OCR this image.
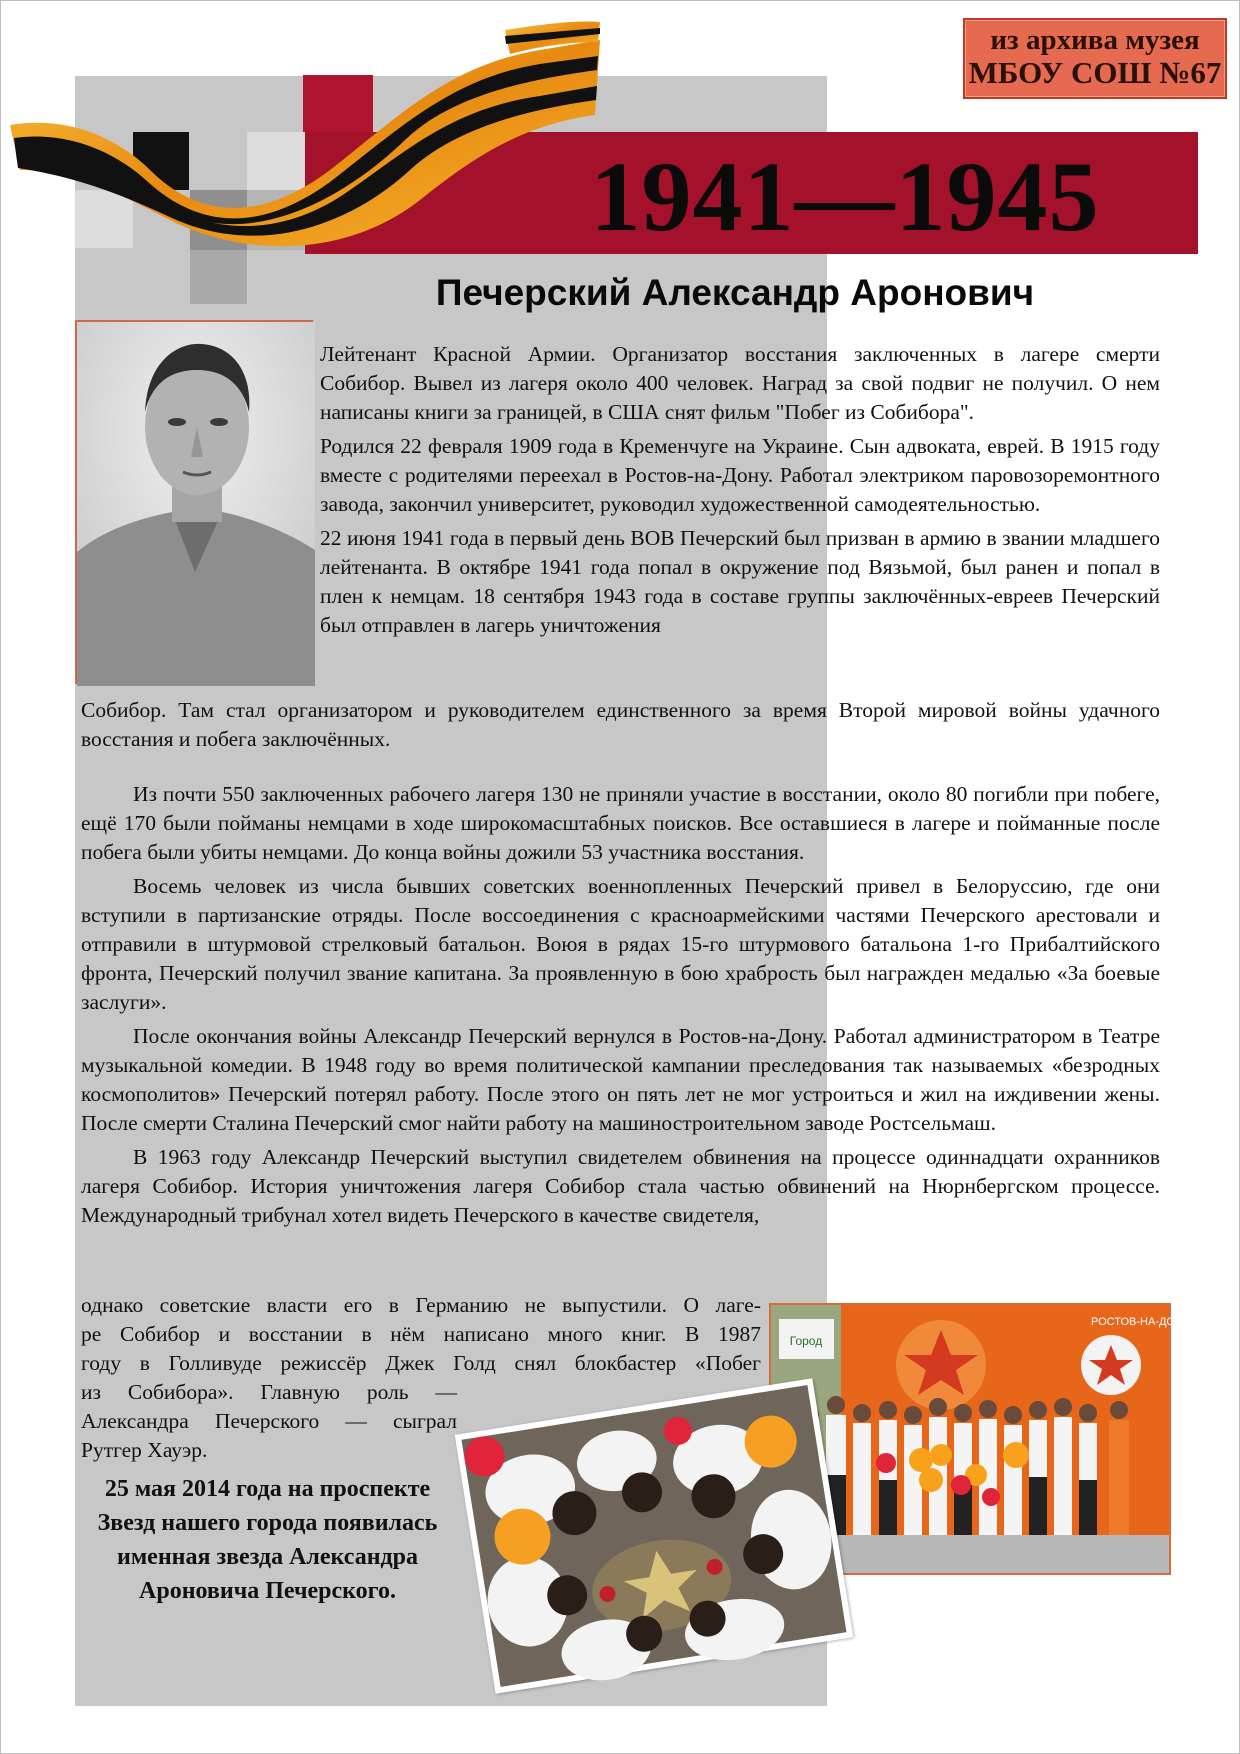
1941—1945
из архива музея
МБОУ СОШ №67
Печерский Александр Аронович

Лейтенант Красной Армии. Организатор восстания заключенных в лагере смерти Собибор. Вывел из лагеря около 400 человек. Наград за свой подвиг не получил. О нем написаны книги за границей, в США снят фильм "Побег из Собибора".

Родился 22 февраля 1909 года в Кременчуге на Украине. Сын адвоката, еврей. В 1915 году вместе с родителями переехал в Ростов-на-Дону. Работал электриком паровозоремонтного завода, закончил университет, руководил художественной самодеятельностью.

22 июня 1941 года в первый день ВОВ Печерский был призван в армию в звании младшего лейтенанта. В октябре 1941 года попал в окружение под Вязьмой, был ранен и попал в плен к немцам. 18 сентября 1943 года в составе группы заключённых-евреев Печерский был отправлен в лагерь уничтожения

Собибор. Там стал организатором и руководителем единственного за время Второй мировой войны удачного восстания и побега заключённых.

Из почти 550 заключенных рабочего лагеря 130 не приняли участие в восстании, около 80 погибли при побеге, ещё 170 были пойманы немцами в ходе широкомасштабных поисков. Все оставшиеся в лагере и пойманные после побега были убиты немцами. До конца войны дожили 53 участника восстания.

Восемь человек из числа бывших советских военнопленных Печерский привел в Белоруссию, где они вступили в партизанские отряды. После воссоединения с красноармейскими частями Печерского арестовали и отправили в штурмовой стрелковый батальон. Воюя в рядах 15-го штурмового батальона 1-го Прибалтийского фронта, Печерский получил звание капитана. За проявленную в бою храбрость был награжден медалью «За боевые заслуги».

После окончания войны Александр Печерский вернулся в Ростов-на-Дону. Работал администратором в Театре музыкальной комедии. В 1948 году во время политической кампании преследования так называемых «безродных космополитов» Печерский потерял работу. После этого он пять лет не мог устроиться и жил на иждивении жены. После смерти Сталина Печерский смог найти работу на машиностроительном заводе Ростсельмаш.

В 1963 году Александр Печерский выступил свидетелем обвинения на процессе одиннадцати охранников лагеря Собибор. История уничтожения лагеря Собибор стала частью обвинений на Нюрнбергском процессе. Международный трибунал хотел видеть Печерского в качестве свидетеля,

однако советские власти его в Германию не выпустили. О лаге-
ре Собибор и восстании в нём написано много книг. В 1987
году в Голливуде режиссёр Джек Голд снял блокбастер «Побег
из Собибора». Главную роль —
Александра Печерского — сыграл
Рутгер Хауэр.
25 мая 2014 года на проспекте Звезд нашего города появилась именная звезда Александра Ароновича Печерского.
Город
РОСТОВ-НА-ДОНУ
